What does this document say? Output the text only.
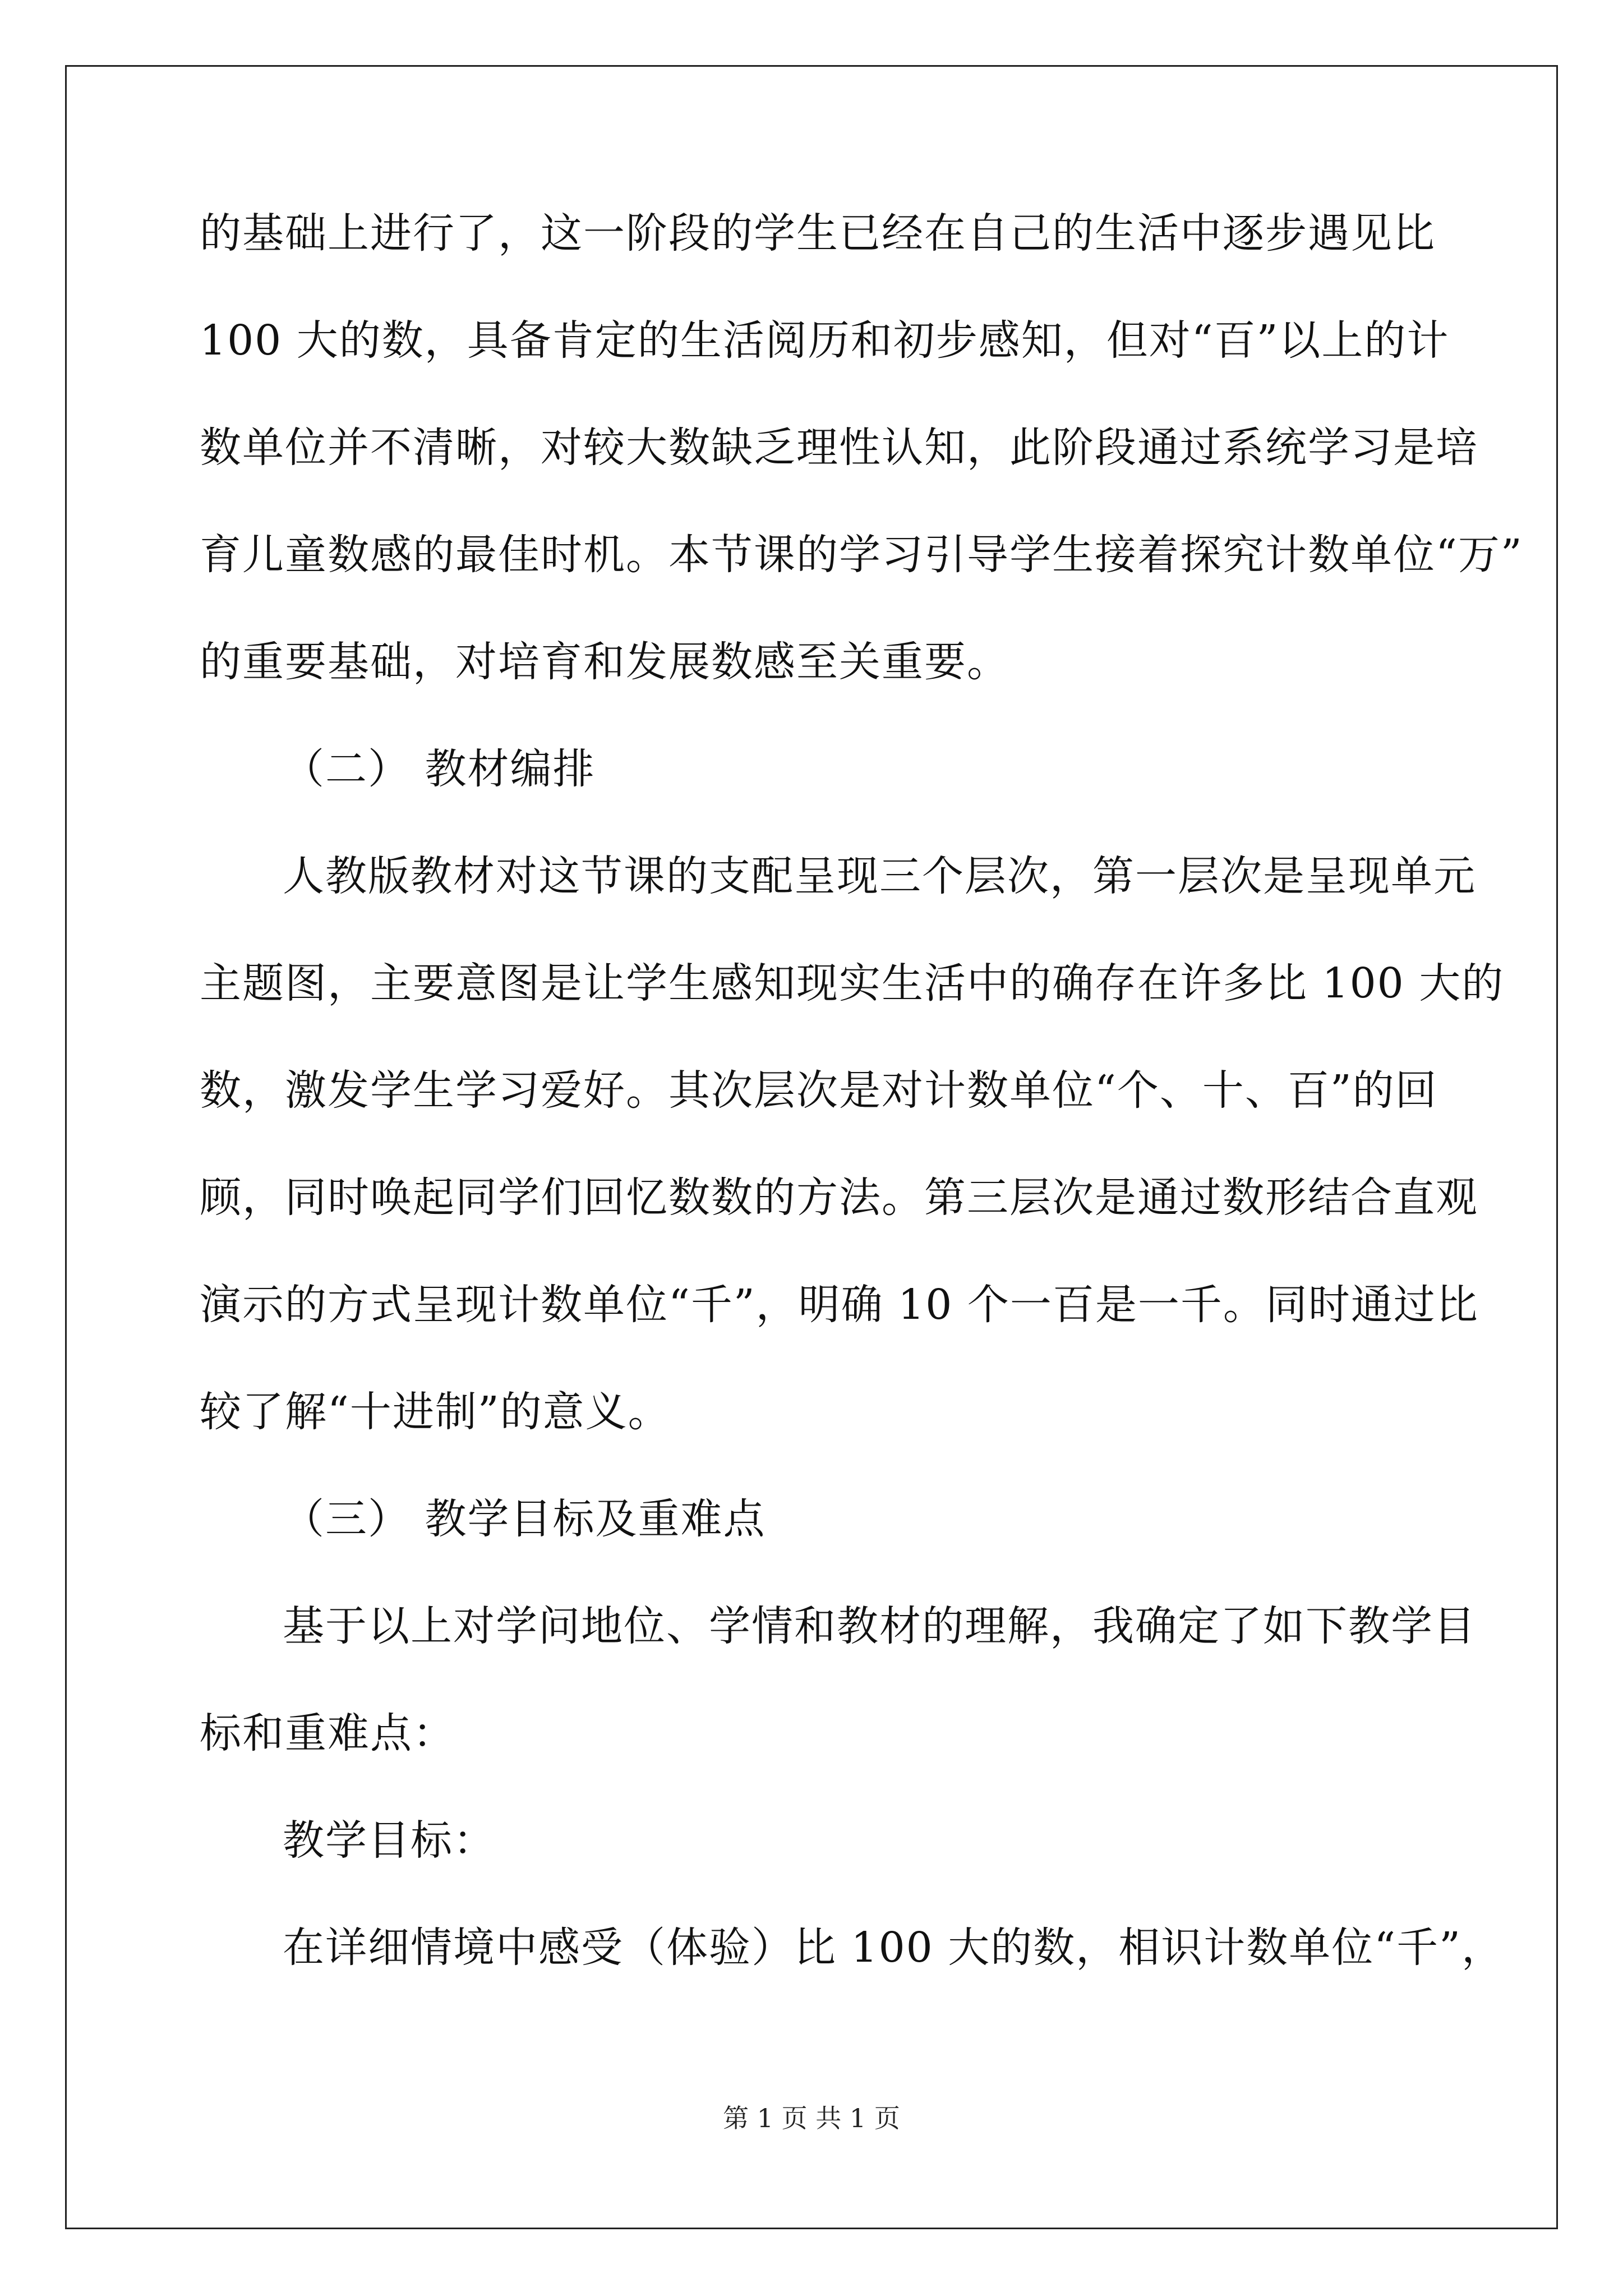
的基础上进行了，这一阶段的学生已经在自己的生活中逐步遇见比
100 大的数，具备肯定的生活阅历和初步感知，但对“百”以上的计
数单位并不清晰，对较大数缺乏理性认知，此阶段通过系统学习是培
育儿童数感的最佳时机。本节课的学习引导学生接着探究计数单位“万”
的重要基础，对培育和发展数感至关重要。
（二） 教材编排
人教版教材对这节课的支配呈现三个层次，第一层次是呈现单元
主题图，主要意图是让学生感知现实生活中的确存在许多比 100 大的
数，激发学生学习爱好。其次层次是对计数单位“个、十、百”的回
顾，同时唤起同学们回忆数数的方法。第三层次是通过数形结合直观
演示的方式呈现计数单位“千”，明确 10 个一百是一千。同时通过比
较了解“十进制”的意义。
（三） 教学目标及重难点
基于以上对学问地位、学情和教材的理解，我确定了如下教学目
标和重难点：
教学目标：
在详细情境中感受（体验）比 100 大的数，相识计数单位“千”，
第 1 页 共 1 页
